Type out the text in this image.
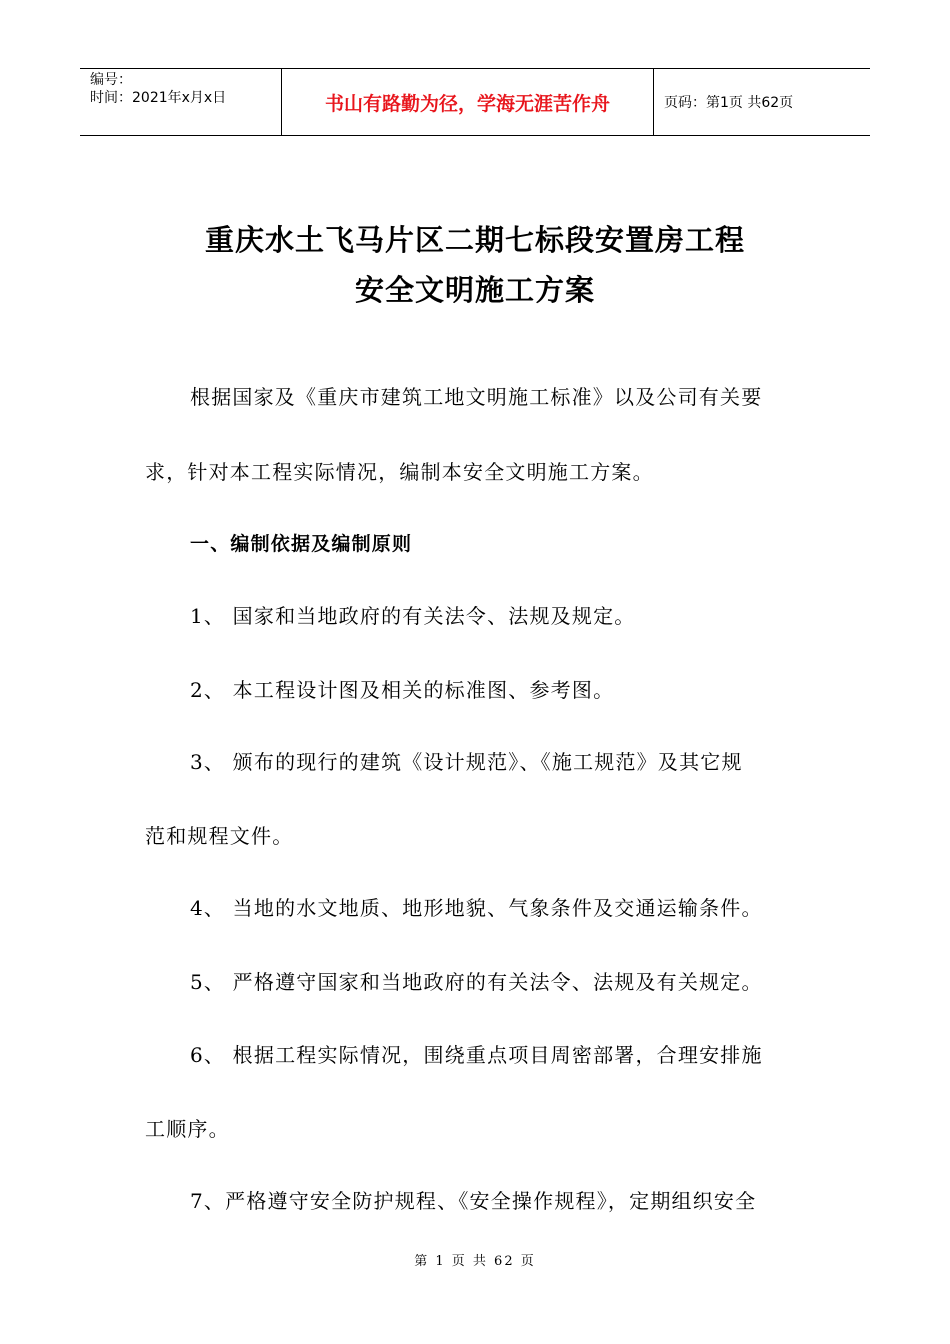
编号：
时间：2021年x月x日	书山有路勤为径，学海无涯苦作舟	页码：第1页 共62页
重庆水土飞马片区二期七标段安置房工程
安全文明施工方案
根据国家及《重庆市建筑工地文明施工标准》以及公司有关要
求，针对本工程实际情况，编制本安全文明施工方案。
一、编制依据及编制原则
1、 国家和当地政府的有关法令、法规及规定。
2、 本工程设计图及相关的标准图、参考图。
3、 颁布的现行的建筑《设计规范》、《施工规范》及其它规
范和规程文件。
4、 当地的水文地质、地形地貌、气象条件及交通运输条件。
5、 严格遵守国家和当地政府的有关法令、法规及有关规定。
6、 根据工程实际情况，围绕重点项目周密部署，合理安排施
工顺序。
7、严格遵守安全防护规程、《安全操作规程》，定期组织安全
第 1 页 共 62 页
